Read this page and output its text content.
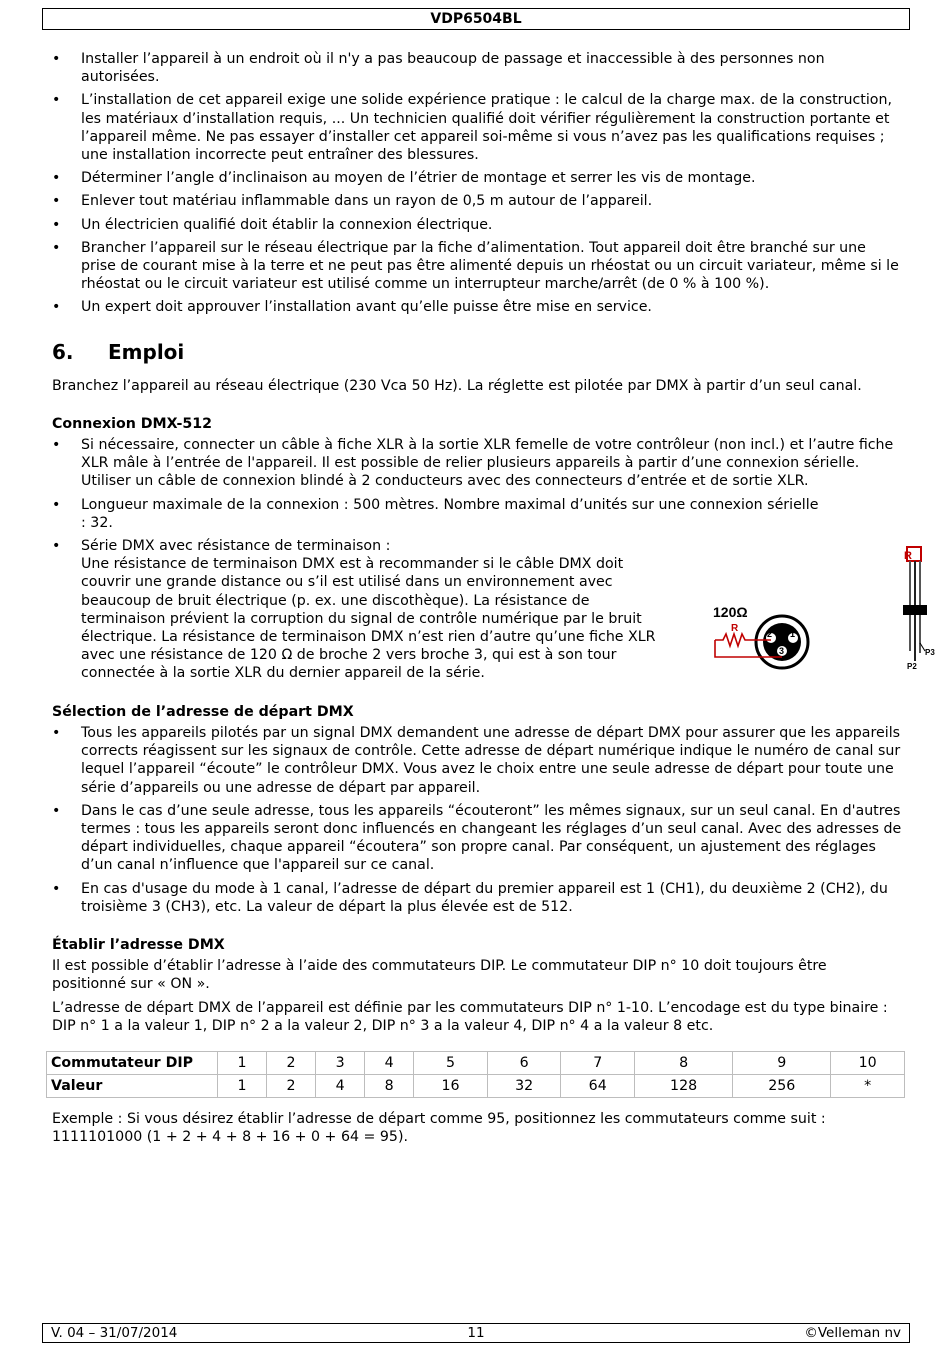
VDP6504BL
• Installer l’appareil à un endroit où il n'y a pas beaucoup de passage et inaccessible à des personnes non autorisées.
• L’installation de cet appareil exige une solide expérience pratique : le calcul de la charge max. de la construction, les matériaux d’installation requis, ... Un technicien qualifié doit vérifier régulièrement la construction portante et l’appareil même. Ne pas essayer d’installer cet appareil soi-même si vous n’avez pas les qualifications requises ; une installation incorrecte peut entraîner des blessures.
• Déterminer l’angle d’inclinaison au moyen de l’étrier de montage et serrer les vis de montage.
• Enlever tout matériau inflammable dans un rayon de 0,5 m autour de l’appareil.
• Un électricien qualifié doit établir la connexion électrique.
• Brancher l’appareil sur le réseau électrique par la fiche d’alimentation. Tout appareil doit être branché sur une prise de courant mise à la terre et ne peut pas être alimenté depuis un rhéostat ou un circuit variateur, même si le rhéostat ou le circuit variateur est utilisé comme un interrupteur marche/arrêt (de 0 % à 100 %).
• Un expert doit approuver l’installation avant qu’elle puisse être mise en service.
6. Emploi

Branchez l’appareil au réseau électrique (230 Vca 50 Hz). La réglette est pilotée par DMX à partir d’un seul canal.

Connexion DMX-512
• Si nécessaire, connecter un câble à fiche XLR à la sortie XLR femelle de votre contrôleur (non incl.) et l’autre fiche XLR mâle à l’entrée de l'appareil. Il est possible de relier plusieurs appareils à partir d’une connexion sérielle. Utiliser un câble de connexion blindé à 2 conducteurs avec des connecteurs d’entrée et de sortie XLR.
• Longueur maximale de la connexion : 500 mètres. Nombre maximal d’unités sur une connexion sérielle : 32.
• Série DMX avec résistance de terminaison :
Une résistance de terminaison DMX est à recommander si le câble DMX doit couvrir une grande distance ou s’il est utilisé dans un environnement avec beaucoup de bruit électrique (p. ex. une discothèque). La résistance de terminaison prévient la corruption du signal de contrôle numérique par le bruit électrique. La résistance de terminaison DMX n’est rien d’autre qu’une fiche XLR avec une résistance de 120 Ω de broche 2 vers broche 3, qui est à son tour connectée à la sortie XLR du dernier appareil de la série.
120Ω
R	2 1
3
R
P3
P2
Sélection de l’adresse de départ DMX
• Tous les appareils pilotés par un signal DMX demandent une adresse de départ DMX pour assurer que les appareils corrects réagissent sur les signaux de contrôle. Cette adresse de départ numérique indique le numéro de canal sur lequel l’appareil “écoute” le contrôleur DMX. Vous avez le choix entre une seule adresse de départ pour toute une série d’appareils ou une adresse de départ par appareil.
• Dans le cas d’une seule adresse, tous les appareils “écouteront” les mêmes signaux, sur un seul canal. En d'autres termes : tous les appareils seront donc influencés en changeant les réglages d’un seul canal. Avec des adresses de départ individuelles, chaque appareil “écoutera” son propre canal. Par conséquent, un ajustement des réglages d’un canal n’influence que l'appareil sur ce canal.
• En cas d'usage du mode à 1 canal, l’adresse de départ du premier appareil est 1 (CH1), du deuxième 2 (CH2), du troisième 3 (CH3), etc. La valeur de départ la plus élevée est de 512.
Établir l’adresse DMX

Il est possible d’établir l’adresse à l’aide des commutateurs DIP. Le commutateur DIP n° 10 doit toujours être positionné sur « ON ».

L’adresse de départ DMX de l’appareil est définie par les commutateurs DIP n° 1-10. L’encodage est du type binaire : DIP n° 1 a la valeur 1, DIP n° 2 a la valeur 2, DIP n° 3 a la valeur 4, DIP n° 4 a la valeur 8 etc.

Commutateur DIP	1	2	3	4	5	6	7	8	9	10
Valeur	1	2	4	8	16	32	64	128	256	*

Exemple : Si vous désirez établir l’adresse de départ comme 95, positionnez les commutateurs comme suit : 1111101000 (1 + 2 + 4 + 8 + 16 + 0 + 64 = 95).

V. 04 – 31/07/2014	11	©Velleman nv
